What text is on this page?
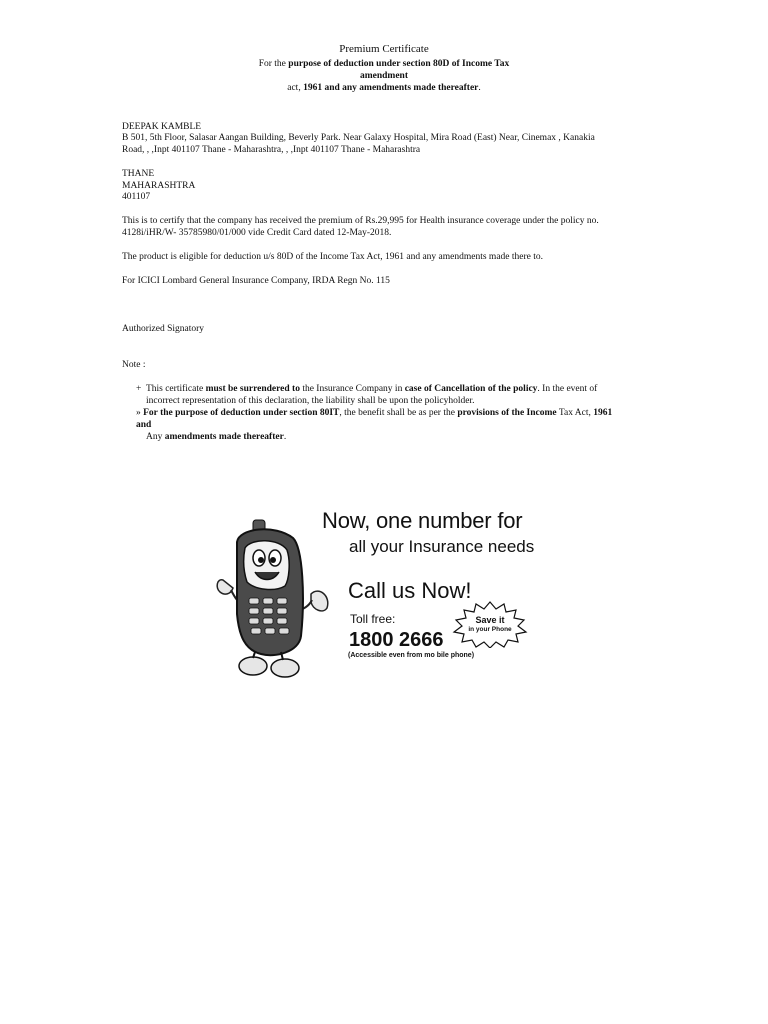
Premium Certificate
For the purpose of deduction under section 80D of Income Tax
amendment
act, 1961 and any amendments made thereafter.
DEEPAK KAMBLE
B 501, 5th Floor, Salasar Aangan Building, Beverly Park. Near Galaxy Hospital, Mira Road (East) Near, Cinemax , Kanakia
Road, , ,Inpt 401107 Thane - Maharashtra, , ,Inpt 401107 Thane - Maharashtra
THANE
MAHARASHTRA
401107
This is to certify that the company has received the premium of Rs.29,995 for Health insurance coverage under the policy no.
4128i/iHR/W- 35785980/01/000 vide Credit Card dated 12-May-2018.
The product is eligible for deduction u/s 80D of the Income Tax Act, 1961 and any amendments made there to.
For ICICI Lombard General Insurance Company, IRDA Regn No. 115
Authorized Signatory
Note :
+ This certificate must be surrendered to the Insurance Company in case of Cancellation of the policy. In the event of
incorrect representation of this declaration, the liability shall be upon the policyholder.
» For the purpose of deduction under section 80IT, the benefit shall be as per the provisions of the Income Tax Act, 1961
and
Any amendments made thereafter.
Now, one number for
all your Insurance needs
Call us Now!
Toll free:
1800 2666
(Accessible even from mo bile phone)
Save it
in your Phone
